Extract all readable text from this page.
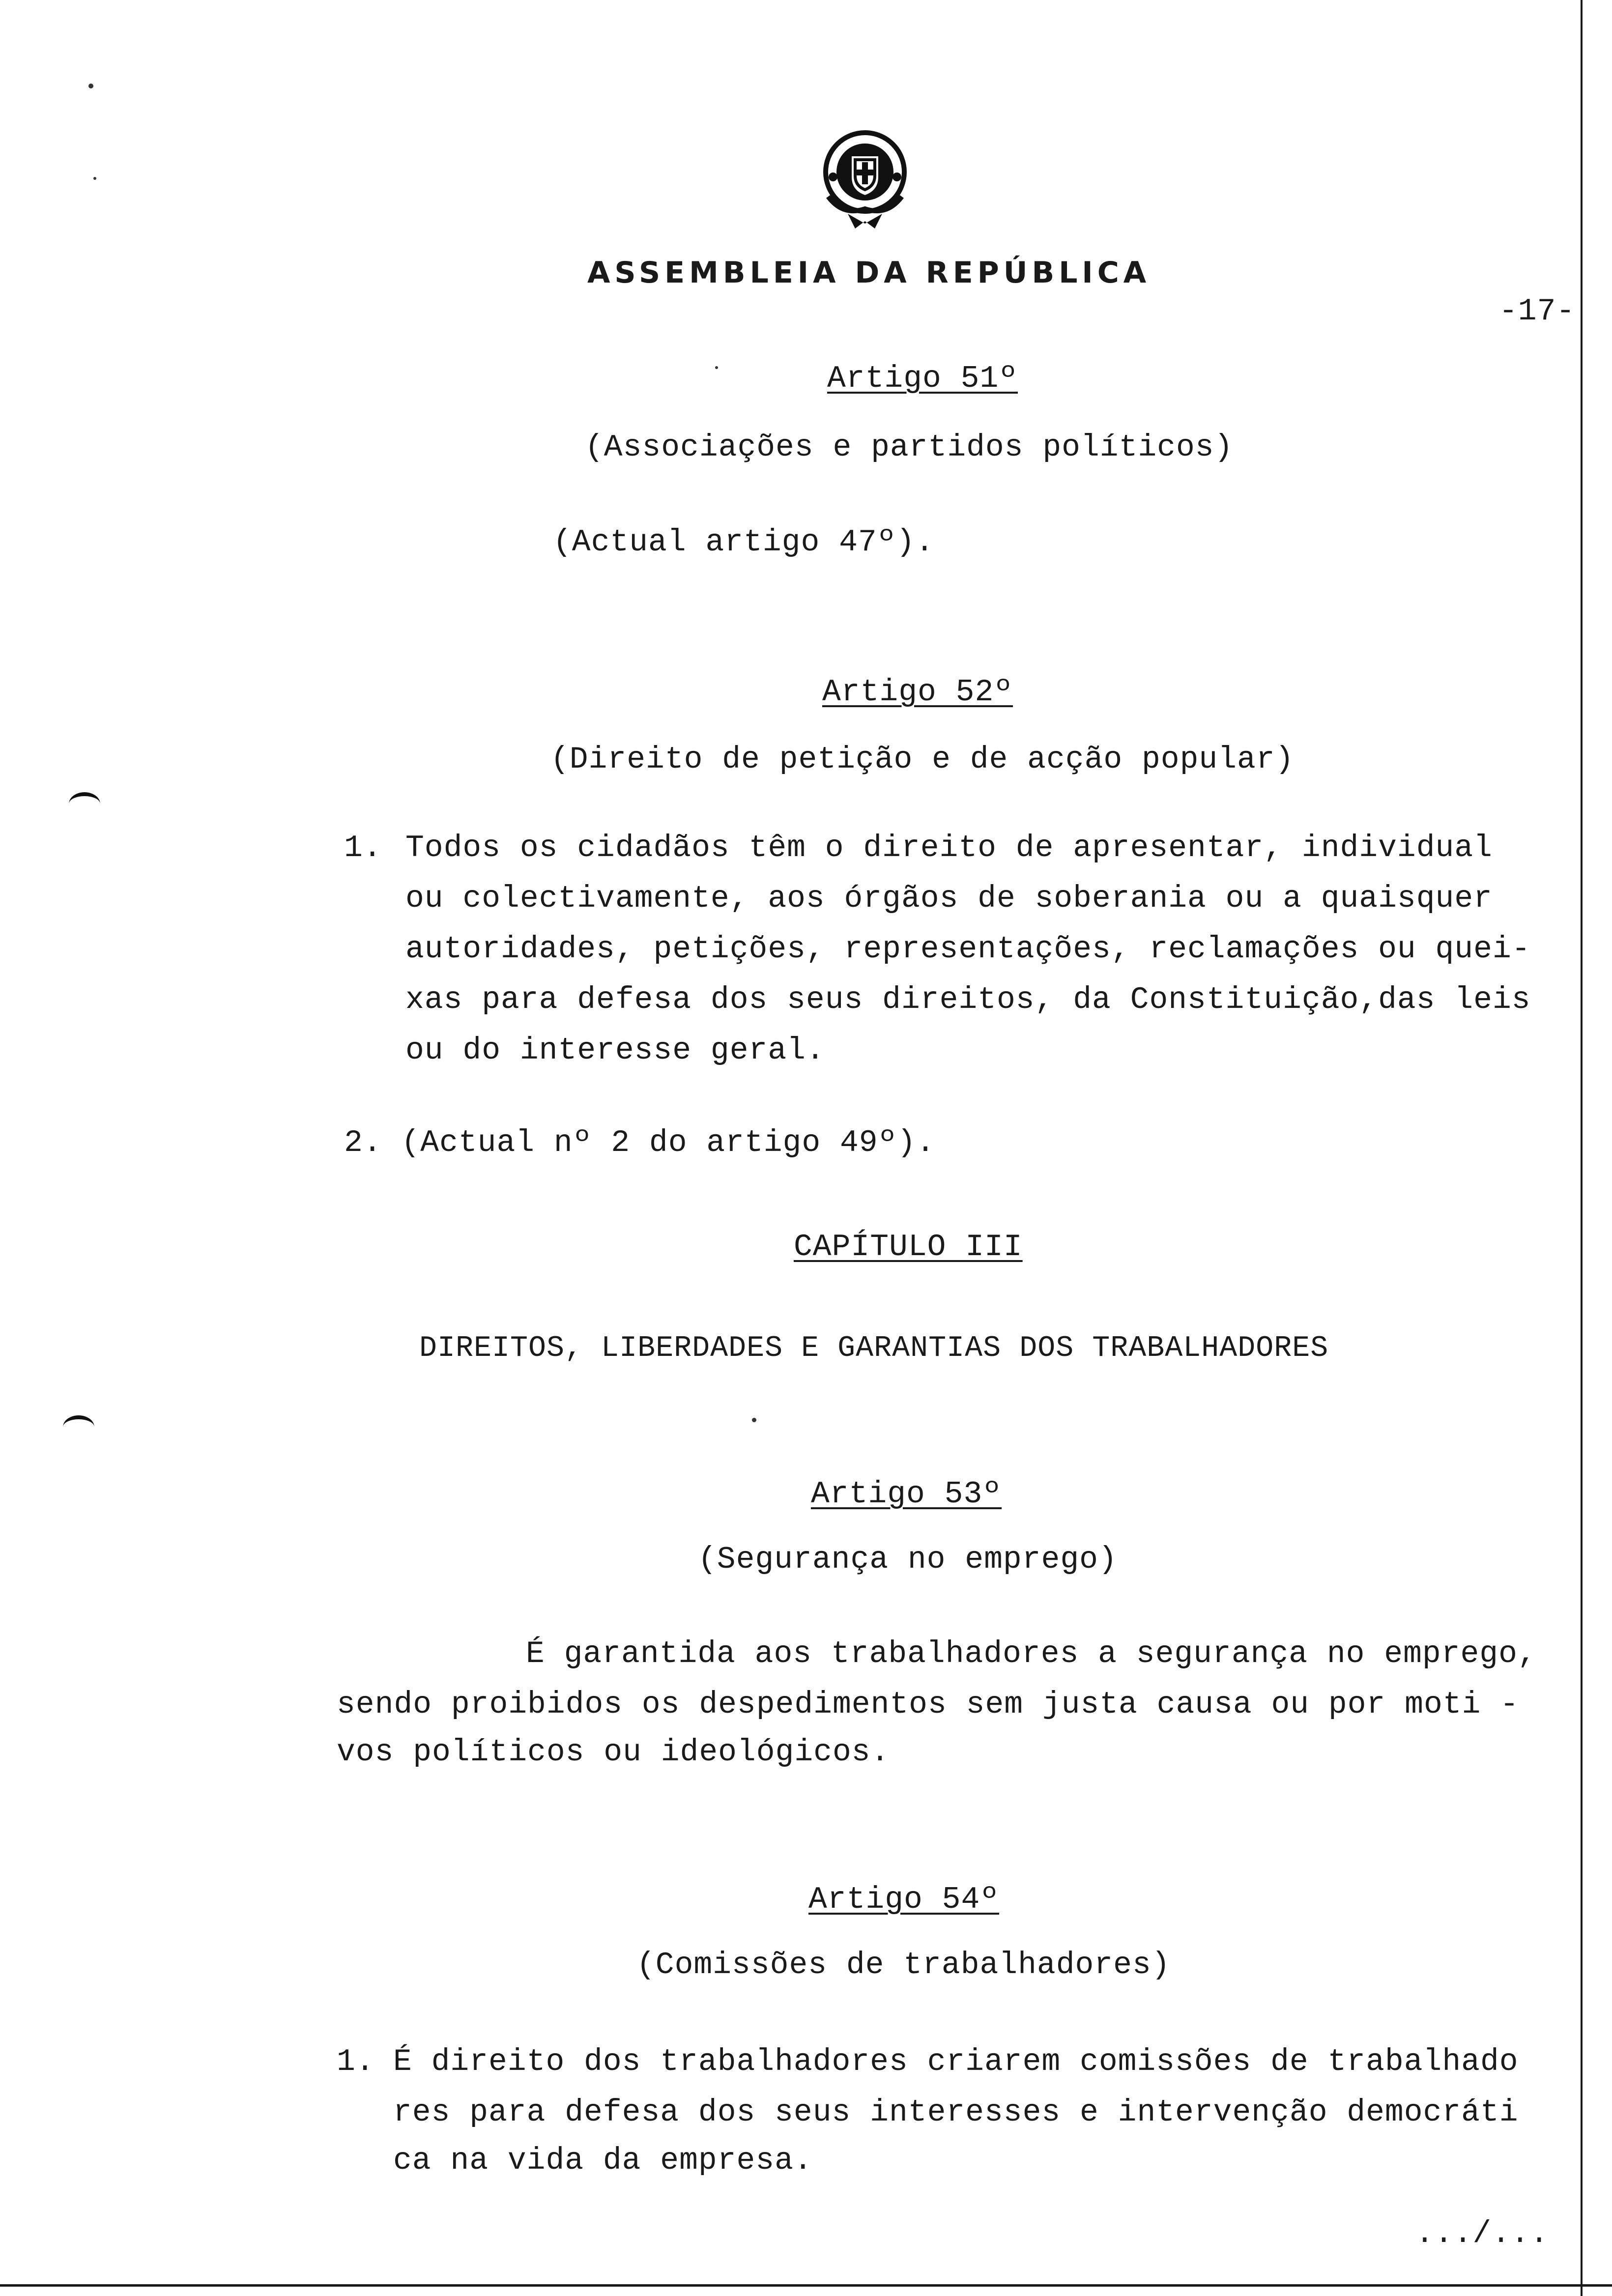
ASSEMBLEIA DA REPÚBLICA
-17-
Artigo 51º
(Associações e partidos políticos)
(Actual artigo 47º).
Artigo 52º
(Direito de petição e de acção popular)
1. Todos os cidadãos têm o direito de apresentar, individual
ou colectivamente, aos órgãos de soberania ou a quaisquer
autoridades, petições, representações, reclamações ou quei-
xas para defesa dos seus direitos, da Constituição,das leis
ou do interesse geral.
2. (Actual nº 2 do artigo 49º).
CAPÍTULO III
DIREITOS, LIBERDADES E GARANTIAS DOS TRABALHADORES
Artigo 53º
(Segurança no emprego)
É garantida aos trabalhadores a segurança no emprego,
sendo proibidos os despedimentos sem justa causa ou por moti -
vos políticos ou ideológicos.
Artigo 54º
(Comissões de trabalhadores)
1. É direito dos trabalhadores criarem comissões de trabalhado
res para defesa dos seus interesses e intervenção democráti
ca na vida da empresa.
.../...
